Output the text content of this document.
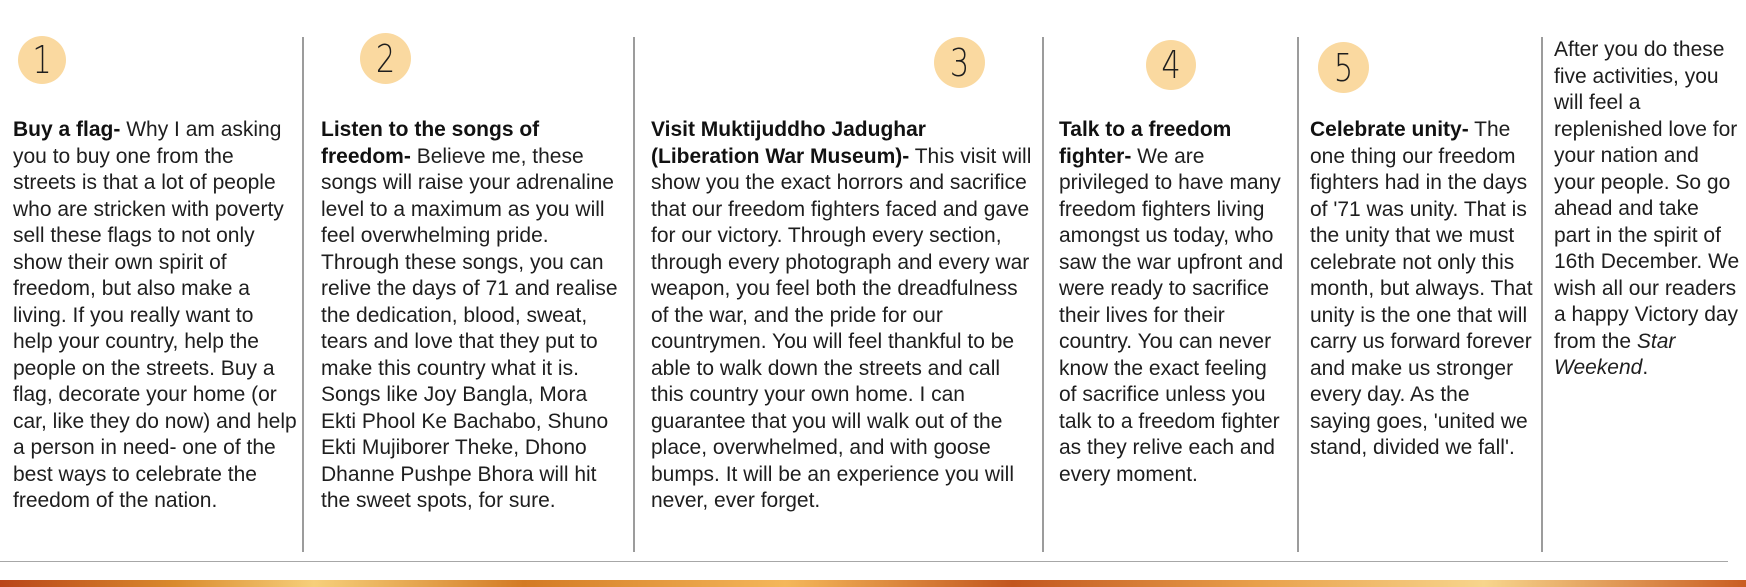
1

Buy a flag- Why I am asking you to buy one from the streets is that a lot of people who are stricken with poverty sell these flags to not only show their own spirit of freedom, but also make a living. If you really want to help your country, help the people on the streets. Buy a flag, decorate your home (or car, like they do now) and help a person in need- one of the best ways to celebrate the freedom of the nation.

2

Listen to the songs of freedom- Believe me, these songs will raise your adrenaline level to a maximum as you will feel overwhelming pride. Through these songs, you can relive the days of 71 and realise the dedication, blood, sweat, tears and love that they put to make this country what it is. Songs like Joy Bangla, Mora Ekti Phool Ke Bachabo, Shuno Ekti Mujiborer Theke, Dhono Dhanne Pushpe Bhora will hit the sweet spots, for sure.

3

Visit Muktijuddho Jadughar (Liberation War Museum)- This visit will show you the exact horrors and sacrifice that our freedom fighters faced and gave for our victory. Through every section, through every photograph and every war weapon, you feel both the dreadfulness of the war, and the pride for our countrymen. You will feel thankful to be able to walk down the streets and call this country your own home. I can guarantee that you will walk out of the place, overwhelmed, and with goose bumps. It will be an experience you will never, ever forget.

4

Talk to a freedom fighter- We are privileged to have many freedom fighters living amongst us today, who saw the war upfront and were ready to sacrifice their lives for their country. You can never know the exact feeling of sacrifice unless you talk to a freedom fighter as they relive each and every moment.

5

Celebrate unity- The one thing our freedom fighters had in the days of '71 was unity. That is the unity that we must celebrate not only this month, but always. That unity is the one that will carry us forward forever and make us stronger every day. As the saying goes, 'united we stand, divided we fall'.

After you do these five activities, you will feel a replenished love for your nation and your people. So go ahead and take part in the spirit of 16th December. We wish all our readers a happy Victory day from the Star Weekend.
